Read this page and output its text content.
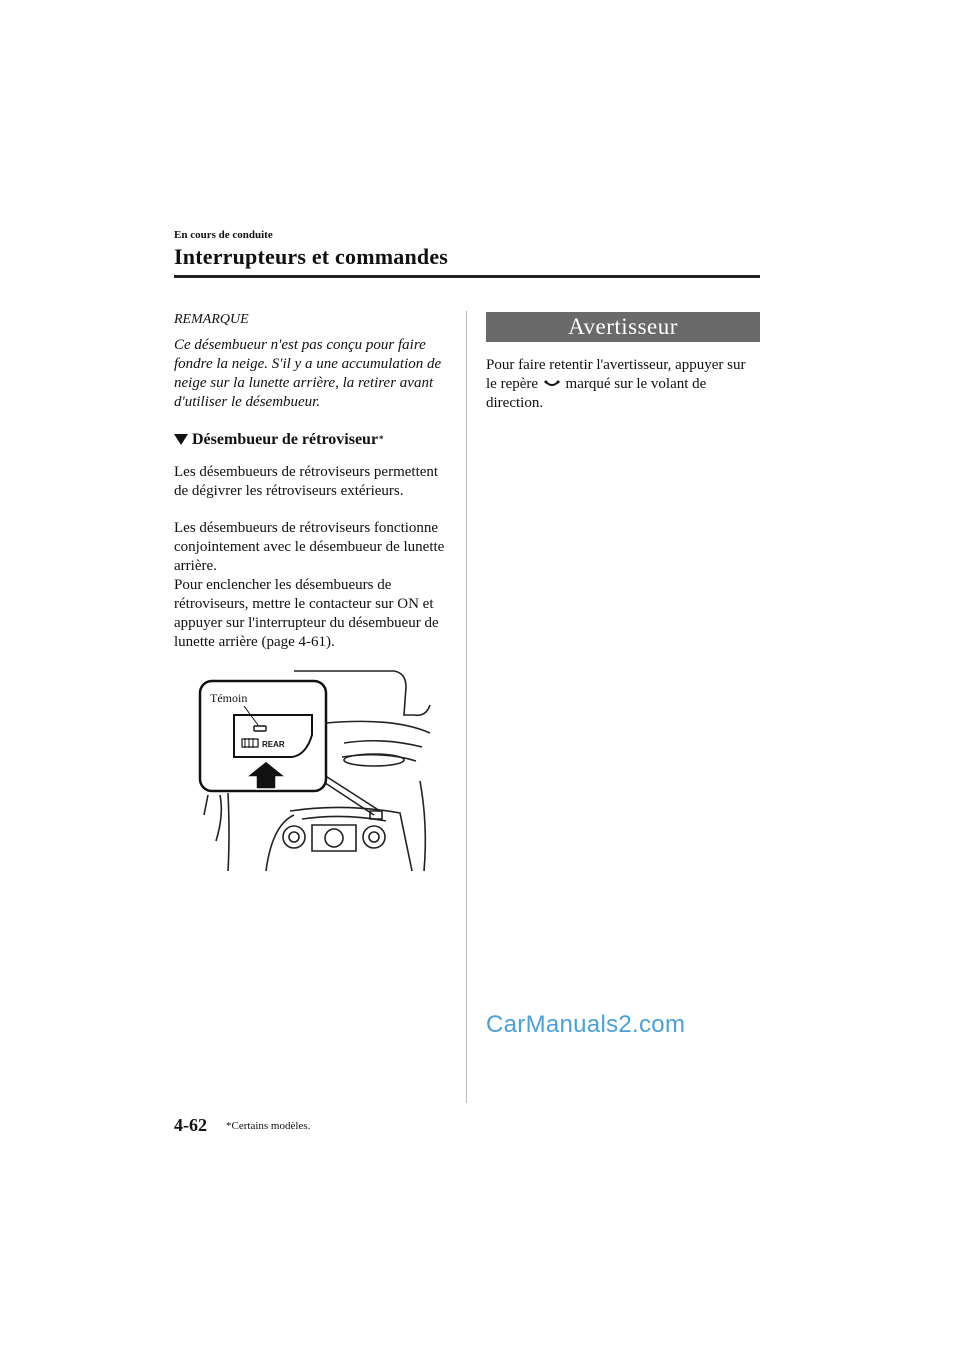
En cours de conduite
Interrupteurs et commandes
REMARQUE
Ce désembueur n'est pas conçu pour faire fondre la neige. S'il y a une accumulation de neige sur la lunette arrière, la retirer avant d'utiliser le désembueur.
Désembueur de rétroviseur *
Les désembueurs de rétroviseurs permettent de dégivrer les rétroviseurs extérieurs.
Les désembueurs de rétroviseurs fonctionne conjointement avec le désembueur de lunette arrière.
Pour enclencher les désembueurs de rétroviseurs, mettre le contacteur sur ON et appuyer sur l'interrupteur du désembueur de lunette arrière (page 4-61).
REAR
Témoin
Avertisseur
Pour faire retentir l'avertisseur, appuyer sur le repère marqué sur le volant de direction.
CarManuals2.com
4-62 *Certains modèles.
